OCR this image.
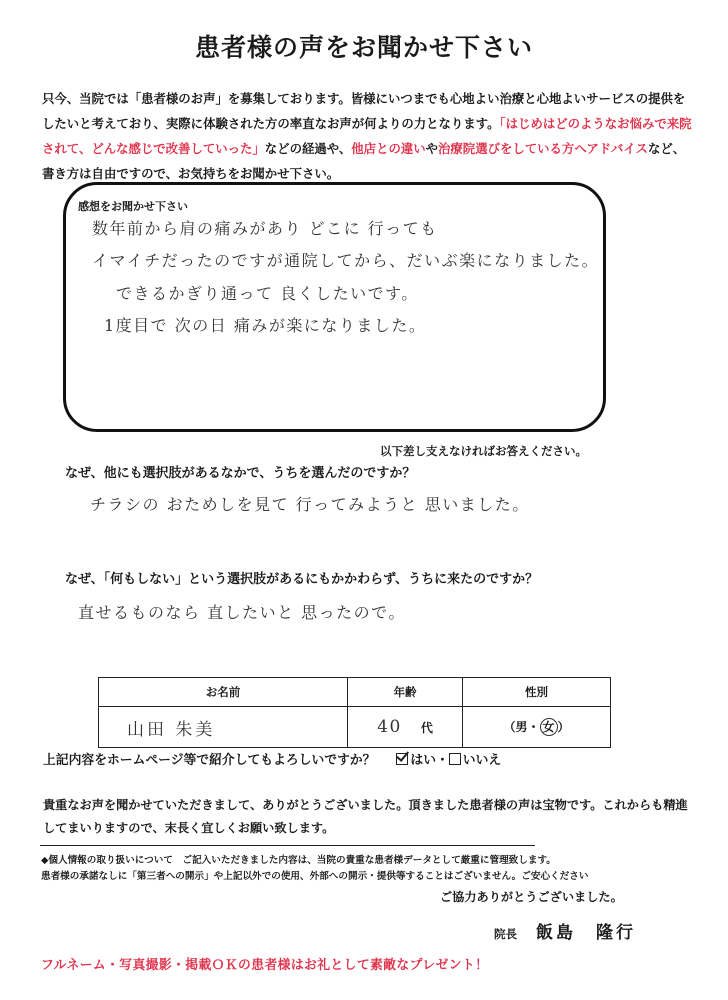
患者様の声をお聞かせ下さい
只今、当院では「患者様のお声」を募集しております。皆様にいつまでも心地よい治療と心地よいサービスの提供をしたいと考えており、実際に体験された方の率直なお声が何よりの力となります。「はじめはどのようなお悩みで来院されて、どんな感じで改善していった」などの経過や、他店との違いや治療院選びをしている方へアドバイスなど、書き方は自由ですので、お気持ちをお聞かせ下さい。
感想をお聞かせ下さい
数年前から肩の痛みがあり どこに 行っても
イマイチだったのですが通院してから、だいぶ楽になりました。
できるかぎり通って 良くしたいです。
1度目で 次の日 痛みが楽になりました。
以下差し支えなければお答えください。
なぜ、他にも選択肢があるなかで、うちを選んだのですか？
チラシの おためしを見て 行ってみようと 思いました。
なぜ、「何もしない」という選択肢があるにもかかわらず、うちに来たのですか？
直せるものなら 直したいと 思ったので。
お名前	年齢	性別
山田 朱美	40 代	（男・ 女 ）
上記内容をホームページ等で紹介してもよろしいですか？	はい・ いいえ
貴重なお声を聞かせていただきまして、ありがとうございました。頂きました患者様の声は宝物です。これからも精進してまいりますので、末長く宜しくお願い致します。
◆個人情報の取り扱いについて　ご記入いただきました内容は、当院の貴重な患者様データとして厳重に管理致します。
患者様の承諾なしに「第三者への開示」や上記以外での使用、外部への開示・提供等することはございません。ご安心ください
ご協力ありがとうございました。
院長 飯島　隆行
フルネーム・写真撮影・掲載ＯＫの患者様はお礼として素敵なプレゼント！
